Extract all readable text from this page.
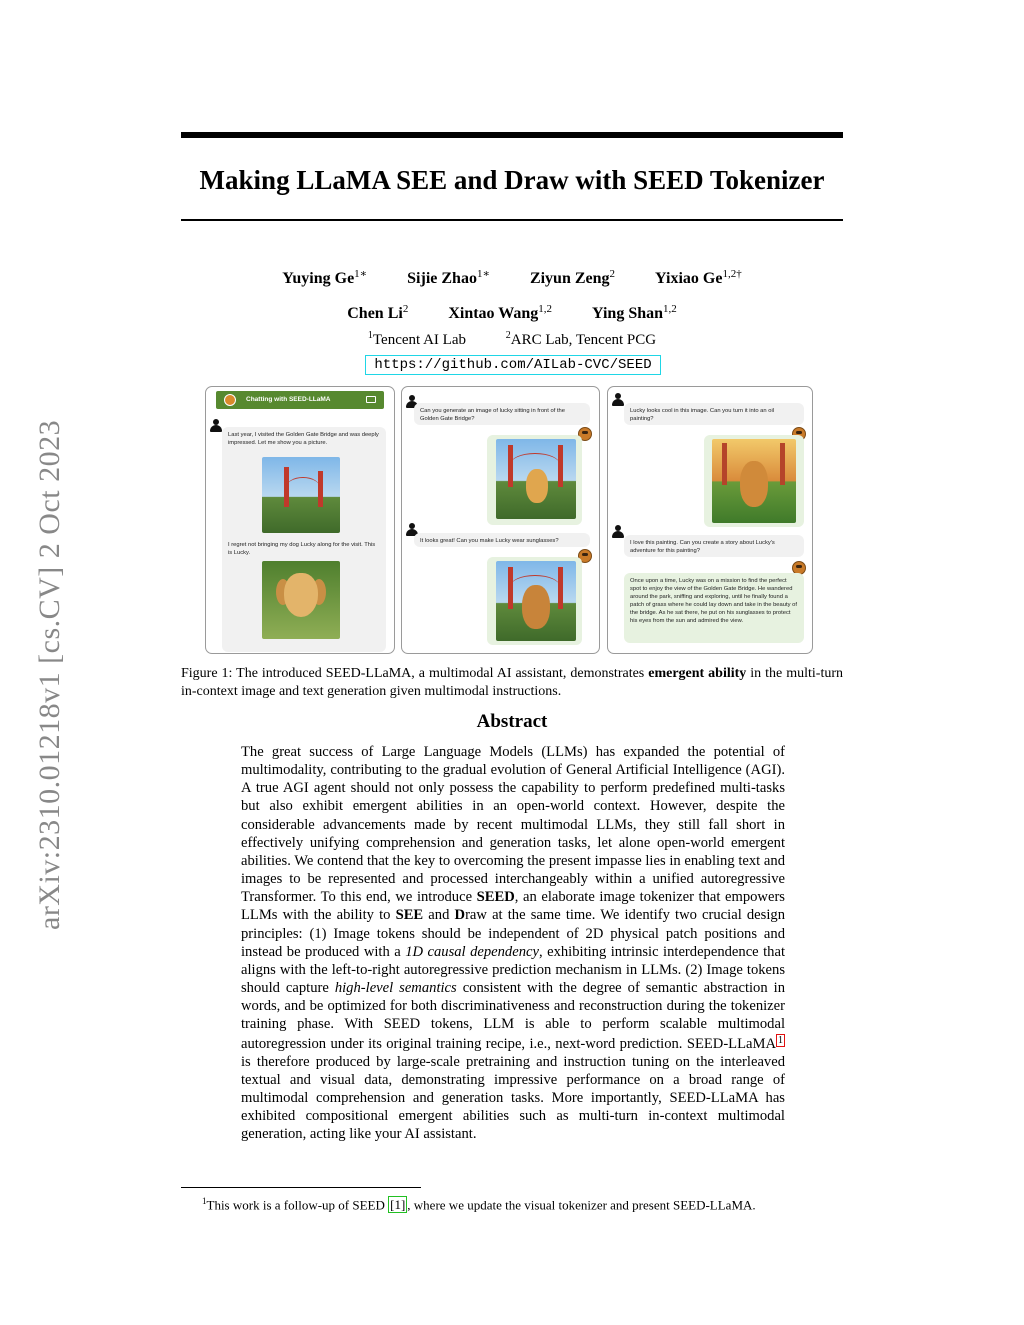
arXiv:2310.01218v1 [cs.CV] 2 Oct 2023
Making LLaMA SEE and Draw with SEED Tokenizer
Yuying $Ge^{1∗}$	Sijie Zhao$^{1∗}$	Ziyun Zeng$^2$	Yixiao $Ge^{1,2\dagger}$
Chen Li$^2$	Xintao Wang$^{1,2}$	Ying Shan$^{1,2}$
$^1$Tencent AI Lab	$^2$ARC Lab, Tencent PCG
https://github.com/AILab-CVC/SEED
Chatting with SEED-LLaMA
Last year, I visited the Golden Gate Bridge and was deeply impressed. Let me show you a picture.
I regret not bringing my dog Lucky along for the visit. This is Lucky.
Can you generate an image of lucky sitting in front of the Golden Gate Bridge?
It looks great! Can you make Lucky wear sunglasses?
Lucky looks cool in this image. Can you turn it into an oil painting?
I love this painting. Can you create a story about Lucky's adventure for this painting?
Once upon a time, Lucky was on a mission to find the perfect spot to enjoy the view of the Golden Gate Bridge. He wandered around the park, sniffing and exploring, until he finally found a patch of grass where he could lay down and take in the beauty of the bridge. As he sat there, he put on his sunglasses to protect his eyes from the sun and admired the view.

Figure 1: The introduced SEED-LLaMA, a multimodal AI assistant, demonstrates emergent ability in the multi-turn in-context image and text generation given multimodal instructions.

Abstract

The great success of Large Language Models (LLMs) has expanded the potential of multimodality, contributing to the gradual evolution of General Artificial Intelligence (AGI). A true AGI agent should not only possess the capability to perform predefined multi-tasks but also exhibit emergent abilities in an open-world context. However, despite the considerable advancements made by recent multimodal LLMs, they still fall short in effectively unifying comprehension and generation tasks, let alone open-world emergent abilities. We contend that the key to overcoming the present impasse lies in enabling text and images to be represented and processed interchangeably within a unified autoregressive Transformer. To this end, we introduce SEED, an elaborate image tokenizer that empowers LLMs with the ability to SEE and Draw at the same time. We identify two crucial design principles: (1) Image tokens should be independent of 2D physical patch positions and instead be produced with a 1D causal dependency, exhibiting intrinsic interdependence that aligns with the left-to-right autoregressive prediction mechanism in LLMs. (2) Image tokens should capture high-level semantics consistent with the degree of semantic abstraction in words, and be optimized for both discriminativeness and reconstruction during the tokenizer training phase. With SEED tokens, LLM is able to perform scalable multimodal autoregression under its original training recipe, i.e., next-word prediction. SEED-LLaMA 1 is therefore produced by large-scale pretraining and instruction tuning on the interleaved textual and visual data, demonstrating impressive performance on a broad range of multimodal comprehension and generation tasks. More importantly, SEED-LLaMA has exhibited compositional emergent abilities such as multi-turn in-context multimodal generation, acting like your AI assistant.

$^1$This work is a follow-up of SEED [1] , where we update the visual tokenizer and present SEED-LLaMA.
